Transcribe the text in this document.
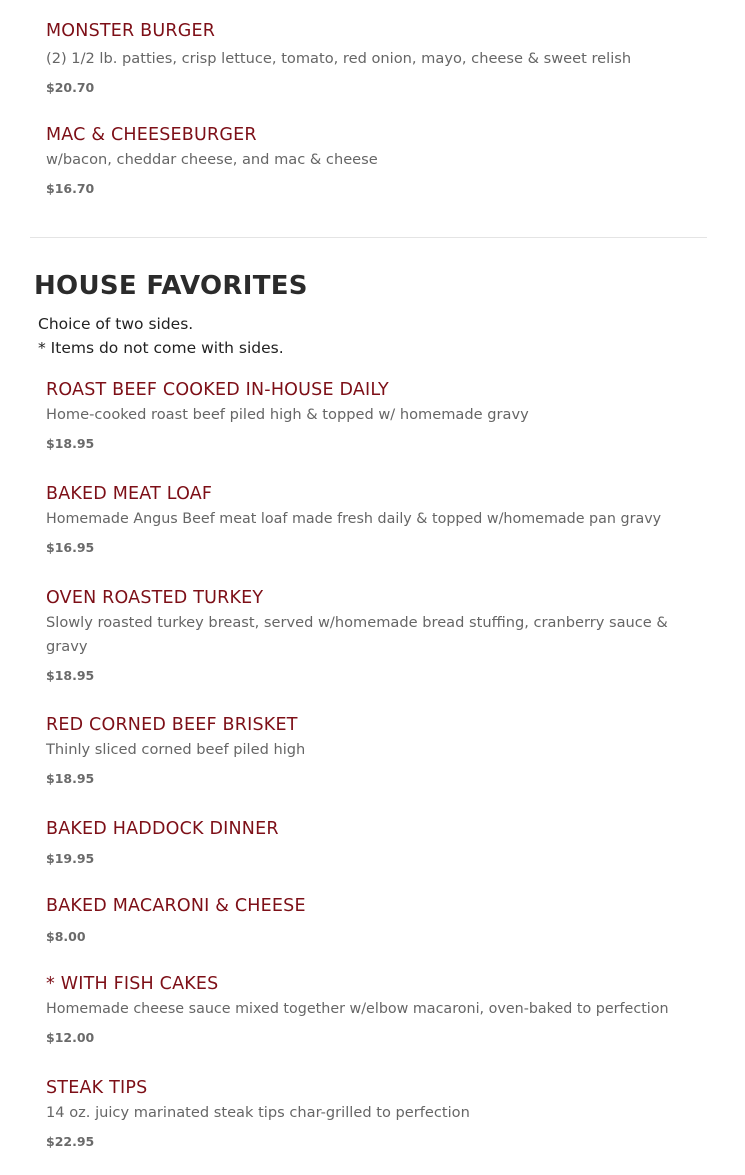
MONSTER BURGER
(2) 1/2 lb. patties, crisp lettuce, tomato, red onion, mayo, cheese & sweet relish
$20.70
MAC & CHEESEBURGER
w/bacon, cheddar cheese, and mac & cheese
$16.70
HOUSE FAVORITES
Choice of two sides.
* Items do not come with sides.
ROAST BEEF COOKED IN-HOUSE DAILY
Home-cooked roast beef piled high & topped w/ homemade gravy
$18.95
BAKED MEAT LOAF
Homemade Angus Beef meat loaf made fresh daily & topped w/homemade pan gravy
$16.95
OVEN ROASTED TURKEY
Slowly roasted turkey breast, served w/homemade bread stuffing, cranberry sauce & gravy
$18.95
RED CORNED BEEF BRISKET
Thinly sliced corned beef piled high
$18.95
BAKED HADDOCK DINNER
$19.95
BAKED MACARONI & CHEESE
$8.00
* WITH FISH CAKES
Homemade cheese sauce mixed together w/elbow macaroni, oven-baked to perfection
$12.00
STEAK TIPS
14 oz. juicy marinated steak tips char-grilled to perfection
$22.95
